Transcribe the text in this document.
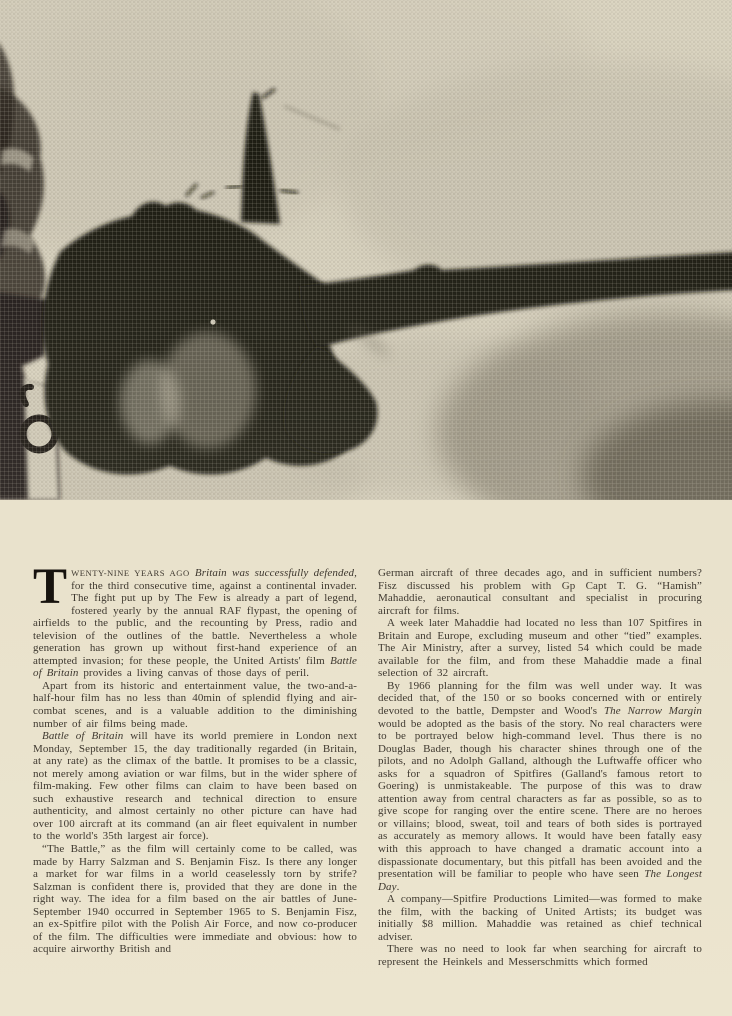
TWENTY-NINE YEARS AGO Britain was successfully defended, for the third consecutive time, against a continental invader. The fight put up by The Few is already a part of legend, fostered yearly by the annual RAF flypast, the opening of airfields to the public, and the recounting by Press, radio and television of the outlines of the battle. Nevertheless a whole generation has grown up without first-hand experience of an attempted invasion; for these people, the United Artists' film Battle of Britain provides a living canvas of those days of peril.

Apart from its historic and entertainment value, the two-and-a-half-hour film has no less than 40min of splendid flying and air-combat scenes, and is a valuable addition to the diminishing number of air films being made.

Battle of Britain will have its world premiere in London next Monday, September 15, the day traditionally regarded (in Britain, at any rate) as the climax of the battle. It promises to be a classic, not merely among aviation or war films, but in the wider sphere of film-making. Few other films can claim to have been based on such exhaustive research and technical direction to ensure authenticity, and almost certainly no other picture can have had over 100 aircraft at its command (an air fleet equivalent in number to the world's 35th largest air force).

“The Battle,” as the film will certainly come to be called, was made by Harry Salzman and S. Benjamin Fisz. Is there any longer a market for war films in a world ceaselessly torn by strife? Salzman is confident there is, provided that they are done in the right way. The idea for a film based on the air battles of June-September 1940 occurred in September 1965 to S. Benjamin Fisz, an ex-Spitfire pilot with the Polish Air Force, and now co-producer of the film. The difficulties were immediate and obvious: how to acquire airworthy British and

German aircraft of three decades ago, and in sufficient numbers? Fisz discussed his problem with Gp Capt T. G. “Hamish” Mahaddie, aeronautical consultant and specialist in procuring aircraft for films.

A week later Mahaddie had located no less than 107 Spitfires in Britain and Europe, excluding museum and other “tied” examples. The Air Ministry, after a survey, listed 54 which could be made available for the film, and from these Mahaddie made a final selection of 32 aircraft.

By 1966 planning for the film was well under way. It was decided that, of the 150 or so books concerned with or entirely devoted to the battle, Dempster and Wood's The Narrow Margin would be adopted as the basis of the story. No real characters were to be portrayed below high-command level. Thus there is no Douglas Bader, though his character shines through one of the pilots, and no Adolph Galland, although the Luftwaffe officer who asks for a squadron of Spitfires (Galland's famous retort to Goering) is unmistakeable. The purpose of this was to draw attention away from central characters as far as possible, so as to give scope for ranging over the entire scene. There are no heroes or villains; blood, sweat, toil and tears of both sides is portrayed as accurately as memory allows. It would have been fatally easy with this approach to have changed a dramatic account into a dispassionate documentary, but this pitfall has been avoided and the presentation will be familiar to people who have seen The Longest Day.

A company—Spitfire Productions Limited—was formed to make the film, with the backing of United Artists; its budget was initially $8 million. Mahaddie was retained as chief technical adviser.

There was no need to look far when searching for aircraft to represent the Heinkels and Messerschmitts which formed
